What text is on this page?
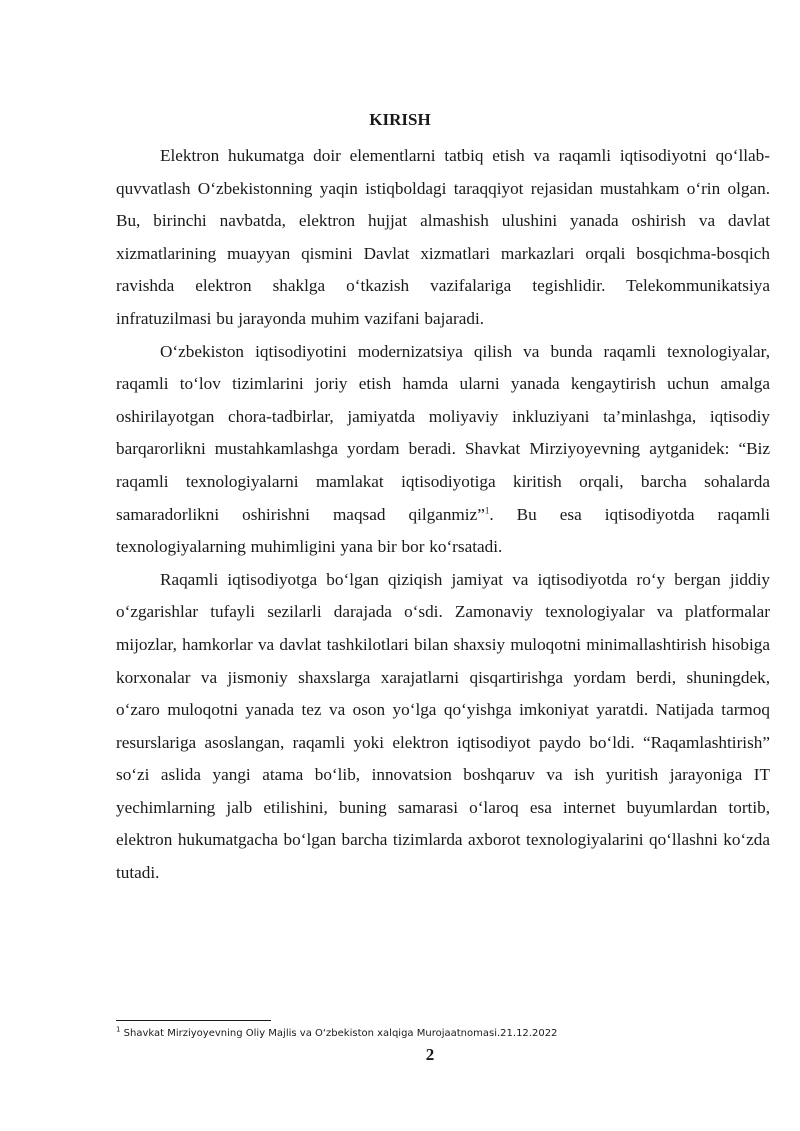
KIRISH

Elektron hukumatga doir elementlarni tatbiq etish va raqamli iqtisodiyotni qo‘llab-quvvatlash O‘zbekistonning yaqin istiqboldagi taraqqiyot rejasidan mustahkam o‘rin olgan. Bu, birinchi navbatda, elektron hujjat almashish ulushini yanada oshirish va davlat xizmatlarining muayyan qismini Davlat xizmatlari markazlari orqali bosqichma-bosqich ravishda elektron shaklga o‘tkazish vazifalariga tegishlidir. Telekommunikatsiya infratuzilmasi bu jarayonda muhim vazifani bajaradi.

O‘zbekiston iqtisodiyotini modernizatsiya qilish va bunda raqamli texnologiyalar, raqamli to‘lov tizimlarini joriy etish hamda ularni yanada kengaytirish uchun amalga oshirilayotgan chora-tadbirlar, jamiyatda moliyaviy inkluziyani ta’minlashga, iqtisodiy barqarorlikni mustahkamlashga yordam beradi. Shavkat Mirziyoyevning aytganidek: “Biz raqamli texnologiyalarni mamlakat iqtisodiyotiga kiritish orqali, barcha sohalarda samaradorlikni oshirishni maqsad qilganmiz”$^1$. Bu esa iqtisodiyotda raqamli texnologiyalarning muhimligini yana bir bor ko‘rsatadi.

Raqamli iqtisodiyotga bo‘lgan qiziqish jamiyat va iqtisodiyotda ro‘y bergan jiddiy o‘zgarishlar tufayli sezilarli darajada o‘sdi. Zamonaviy texnologiyalar va platformalar mijozlar, hamkorlar va davlat tashkilotlari bilan shaxsiy muloqotni minimallashtirish hisobiga korxonalar va jismoniy shaxslarga xarajatlarni qisqartirishga yordam berdi, shuningdek, o‘zaro muloqotni yanada tez va oson yo‘lga qo‘yishga imkoniyat yaratdi. Natijada tarmoq resurslariga asoslangan, raqamli yoki elektron iqtisodiyot paydo bo‘ldi. “Raqamlashtirish” so‘zi aslida yangi atama bo‘lib, innovatsion boshqaruv va ish yuritish jarayoniga IT yechimlarning jalb etilishini, buning samarasi o‘laroq esa internet buyumlardan tortib, elektron hukumatgacha bo‘lgan barcha tizimlarda axborot texnologiyalarini qo‘llashni ko‘zda tutadi.

$^1$ Shavkat Mirziyoyevning Oliy Majlis va O‘zbekiston xalqiga Murojaatnomasi.21.12.2022

2
